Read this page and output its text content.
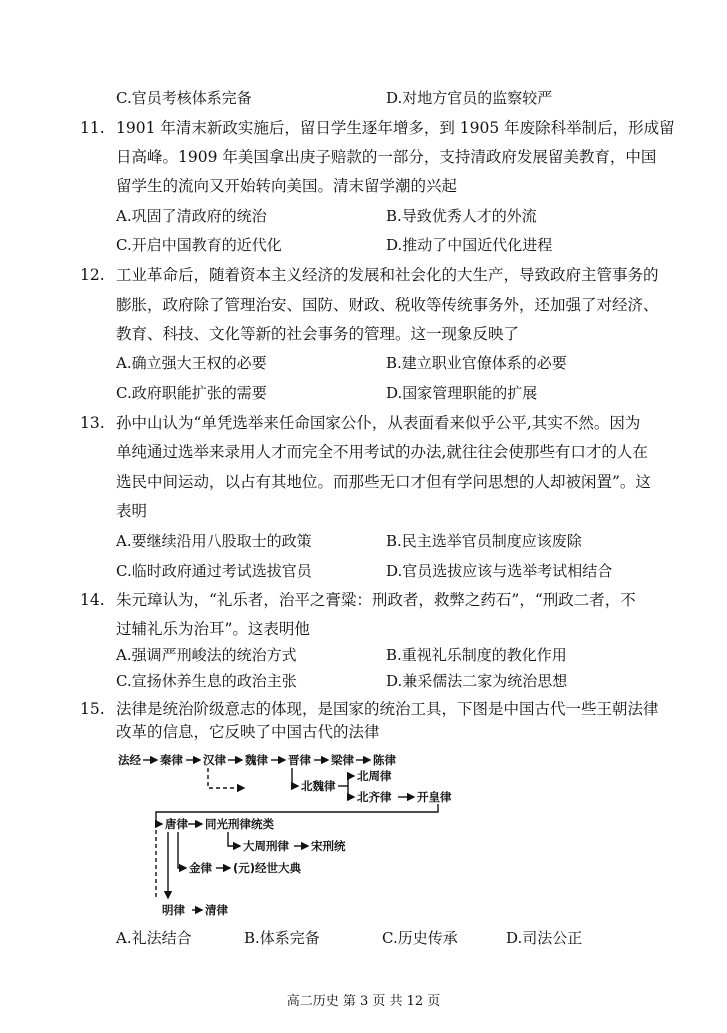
C.官员考核体系完备	D.对地方官员的监察较严
11. 1901 年清末新政实施后，留日学生逐年增多，到 1905 年废除科举制后，形成留
日高峰。1909 年美国拿出庚子赔款的一部分，支持清政府发展留美教育，中国
留学生的流向又开始转向美国。清末留学潮的兴起
A.巩固了清政府的统治	B.导致优秀人才的外流
C.开启中国教育的近代化	D.推动了中国近代化进程
12. 工业革命后，随着资本主义经济的发展和社会化的大生产，导致政府主管事务的
膨胀，政府除了管理治安、国防、财政、税收等传统事务外，还加强了对经济、
教育、科技、文化等新的社会事务的管理。这一现象反映了
A.确立强大王权的必要	B.建立职业官僚体系的必要
C.政府职能扩张的需要	D.国家管理职能的扩展
13. 孙中山认为“单凭选举来任命国家公仆，从表面看来似乎公平,其实不然。因为
单纯通过选举来录用人才而完全不用考试的办法,就往往会使那些有口才的人在
选民中间运动，以占有其地位。而那些无口才但有学问思想的人却被闲置”。这
表明
A.要继续沿用八股取士的政策	B.民主选举官员制度应该废除
C.临时政府通过考试选拔官员	D.官员选拔应该与选举考试相结合
14. 朱元璋认为，“礼乐者，治平之膏粱：刑政者，救弊之药石”，“刑政二者，不
过辅礼乐为治耳”。这表明他
A.强调严刑峻法的统治方式	B.重视礼乐制度的教化作用
C.宣扬休养生息的政治主张	D.兼采儒法二家为统治思想
15. 法律是统治阶级意志的体现，是国家的统治工具，下图是中国古代一些王朝法律
改革的信息，它反映了中国古代的法律
法经 秦律 汉律 魏律 晋律 梁律 陈律
北魏律
北周律
北齐律 开皇律
唐律 同光刑律统类
大周刑律 宋刑统
金律 (元)经世大典
明律 清律
A.礼法结合	B.体系完备	C.历史传承	D.司法公正
高二历史 第 3 页 共 12 页
